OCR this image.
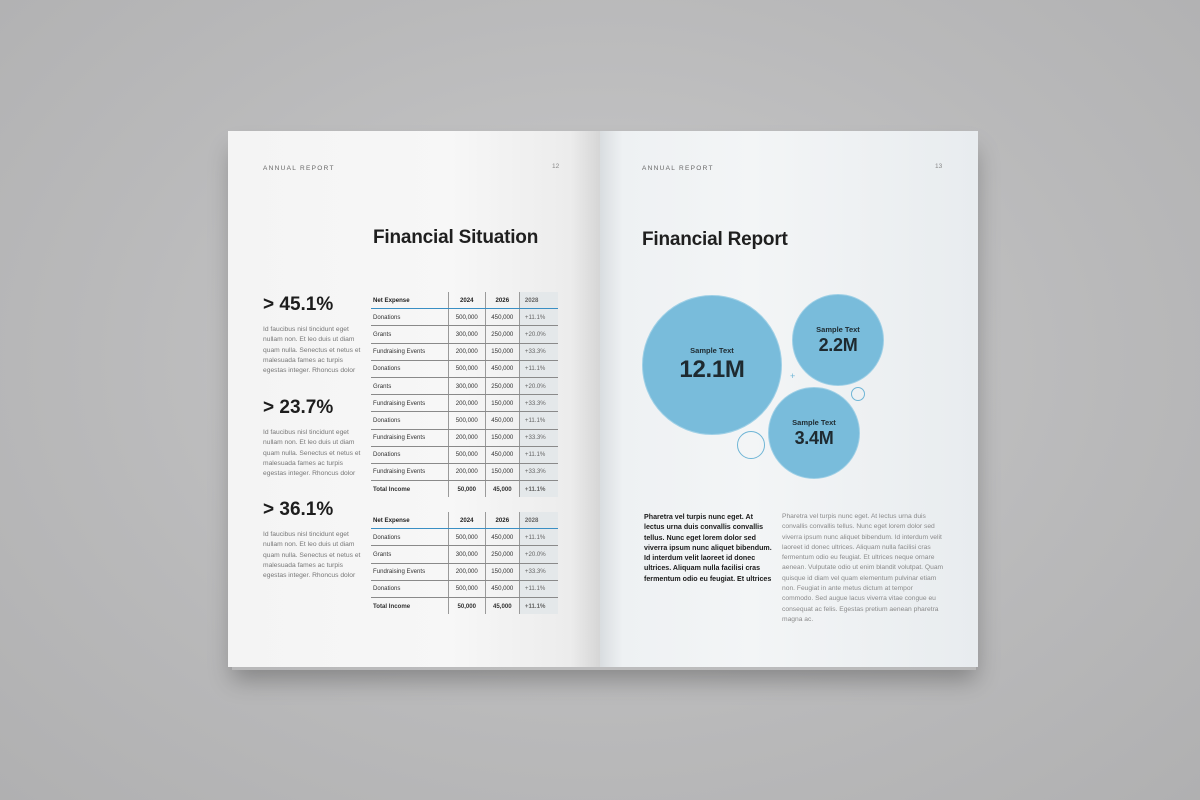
ANNUAL REPORT	12
Financial Situation
> 45.1%
Id faucibus nisl tincidunt eget nullam non. Et leo duis ut diam quam nulla. Senectus et netus et malesuada fames ac turpis egestas integer. Rhoncus dolor
> 23.7%
Id faucibus nisl tincidunt eget nullam non. Et leo duis ut diam quam nulla. Senectus et netus et malesuada fames ac turpis egestas integer. Rhoncus dolor
> 36.1%
Id faucibus nisl tincidunt eget nullam non. Et leo duis ut diam quam nulla. Senectus et netus et malesuada fames ac turpis egestas integer. Rhoncus dolor
Net Expense	2024	2026	2028
Donations	500,000	450,000	+11.1%
Grants	300,000	250,000	+20.0%
Fundraising Events	200,000	150,000	+33.3%
Donations	500,000	450,000	+11.1%
Grants	300,000	250,000	+20.0%
Fundraising Events	200,000	150,000	+33.3%
Donations	500,000	450,000	+11.1%
Fundraising Events	200,000	150,000	+33.3%
Donations	500,000	450,000	+11.1%
Fundraising Events	200,000	150,000	+33.3%
Total Income	50,000	45,000	+11.1%
Net Expense	2024	2026	2028
Donations	500,000	450,000	+11.1%
Grants	300,000	250,000	+20.0%
Fundraising Events	200,000	150,000	+33.3%
Donations	500,000	450,000	+11.1%
Total Income	50,000	45,000	+11.1%
ANNUAL REPORT	13
Financial Report
Sample Text
12.1M
Sample Text
2.2M
Sample Text
3.4M
+
Pharetra vel turpis nunc eget. At lectus urna duis convallis convallis tellus. Nunc eget lorem dolor sed viverra ipsum nunc aliquet bibendum. Id interdum velit laoreet id donec ultrices. Aliquam nulla facilisi cras fermentum odio eu feugiat. Et ultrices
Pharetra vel turpis nunc eget. At lectus urna duis convallis convallis tellus. Nunc eget lorem dolor sed viverra ipsum nunc aliquet bibendum. Id interdum velit laoreet id donec ultrices. Aliquam nulla facilisi cras fermentum odio eu feugiat. Et ultrices neque ornare aenean. Vulputate odio ut enim blandit volutpat. Quam quisque id diam vel quam elementum pulvinar etiam non. Feugiat in ante metus dictum at tempor commodo. Sed augue lacus viverra vitae congue eu consequat ac felis. Egestas pretium aenean pharetra magna ac.
